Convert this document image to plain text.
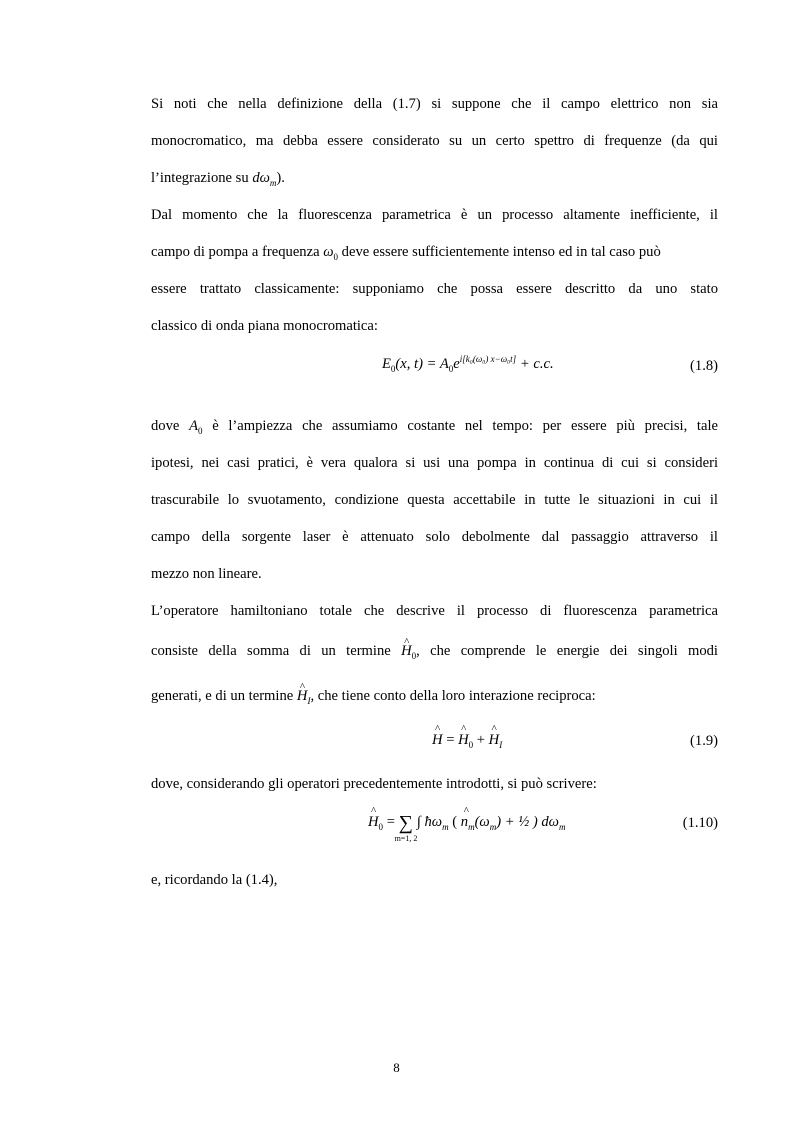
Si noti che nella definizione della (1.7) si suppone che il campo elettrico non sia
monocromatico, ma debba essere considerato su un certo spettro di frequenze (da qui
l’integrazione su $d\omega_m$).
Dal momento che la fluorescenza parametrica è un processo altamente inefficiente, il
campo di pompa a frequenza $\omega_0$ deve essere sufficientemente intenso ed in tal caso può
essere trattato classicamente: supponiamo che possa essere descritto da uno stato
classico di onda piana monocromatica:
$E_0(x$, $t) = A_0e^{i[k_0(\omega_0) x-\omega_0t]} + c.c$.	(1.8)
dove $A_0$ è l’ampiezza che assumiamo costante nel tempo: per essere più precisi, tale
ipotesi, nei casi pratici, è vera qualora si usi una pompa in continua di cui si consideri
trascurabile lo svuotamento, condizione questa accettabile in tutte le situazioni in cui il
campo della sorgente laser è attenuato solo debolmente dal passaggio attraverso il
mezzo non lineare.
L’operatore hamiltoniano totale che descrive il processo di fluorescenza parametrica
consiste della somma di un termine ^ $H_0$, che comprende le energie dei singoli modi
generati, e di un termine ^ $H_I$, che tiene conto della loro interazione reciproca:
^ H = ^ $H_0$ + ^ $H_I$	(1.9)
dove, considerando gli operatori precedentemente introdotti, si può scrivere:
^ $H_0$ = ∑
m=1, 2
∫ $ħ\omega_m$ ( ^ $n_m(\omega_m)$ + ½ ) $d\omega_m$	(1.10)
e, ricordando la (1.4),
8
